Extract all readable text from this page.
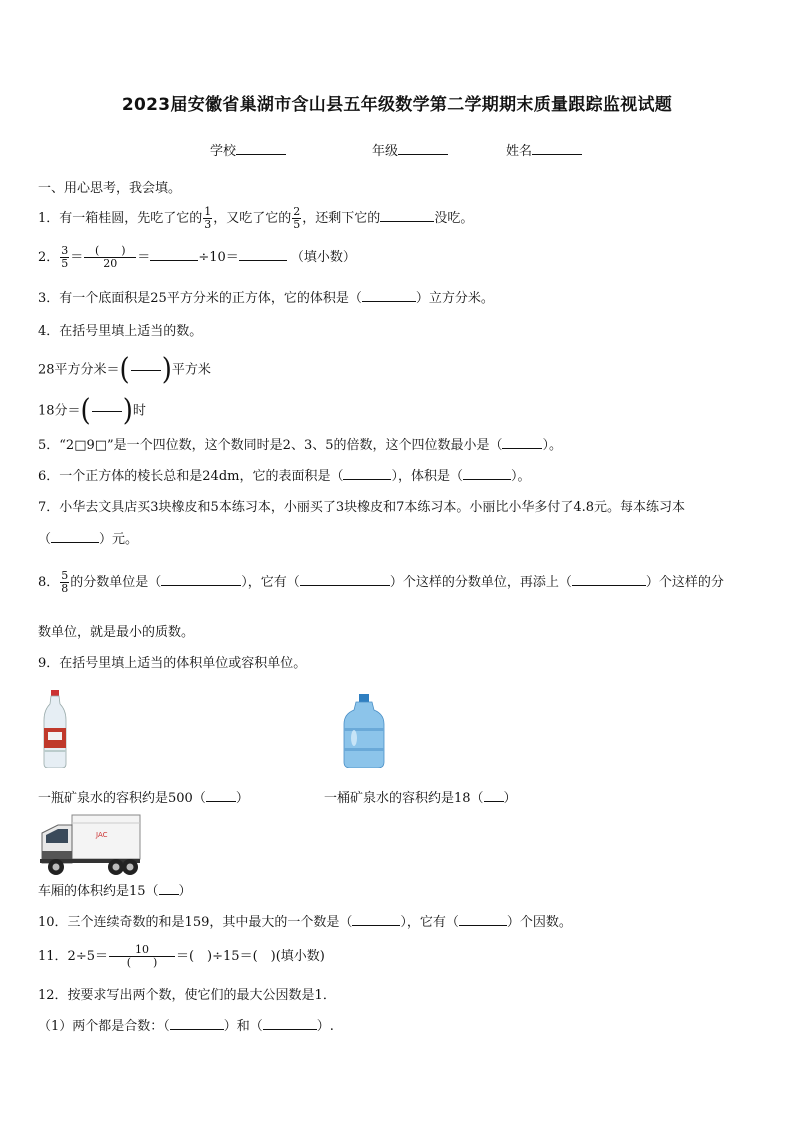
2023届安徽省巢湖市含山县五年级数学第二学期期末质量跟踪监视试题
学校	年级	姓名
一、用心思考，我会填。
1．有一箱桂圆，先吃了它的 $\frac{1}{3}$ ，又吃了它的 $\frac{2}{5}$ ，还剩下它的	没吃。
2． $\frac{3}{5} = \frac{( )}{20}$ ＝	÷10＝	（填小数）
3．有一个底面积是25平方分米的正方体，它的体积是（	）立方分米。
4．在括号里填上适当的数。
28平方分米＝( )平方米
18分＝( )时
5．“2□9□”是一个四位数，这个数同时是2、3、5的倍数，这个四位数最小是（	）。
6．一个正方体的棱长总和是24dm，它的表面积是（	），体积是（	）。
7．小华去文具店买3块橡皮和5本练习本，小丽买了3块橡皮和7本练习本。小丽比小华多付了4.8元。每本练习本
（	）元。
8． $\frac{5}{8}$ 的分数单位是（	），它有（	）个这样的分数单位，再添上（	）个这样的分
数单位，就是最小的质数。
9．在括号里填上适当的体积单位或容积单位。
一瓶矿泉水的容积约是500（ ）	一桶矿泉水的容积约是18（ ）
JAC
车厢的体积约是15（ ）
10．三个连续奇数的和是159，其中最大的一个数是（	），它有（	）个因数。
11．$2\div 5= \frac{10}{( )}$ ＝(　)÷15＝(　)(填小数)
12．按要求写出两个数，使它们的最大公因数是1．
（1）两个都是合数：（	）和（	）.
